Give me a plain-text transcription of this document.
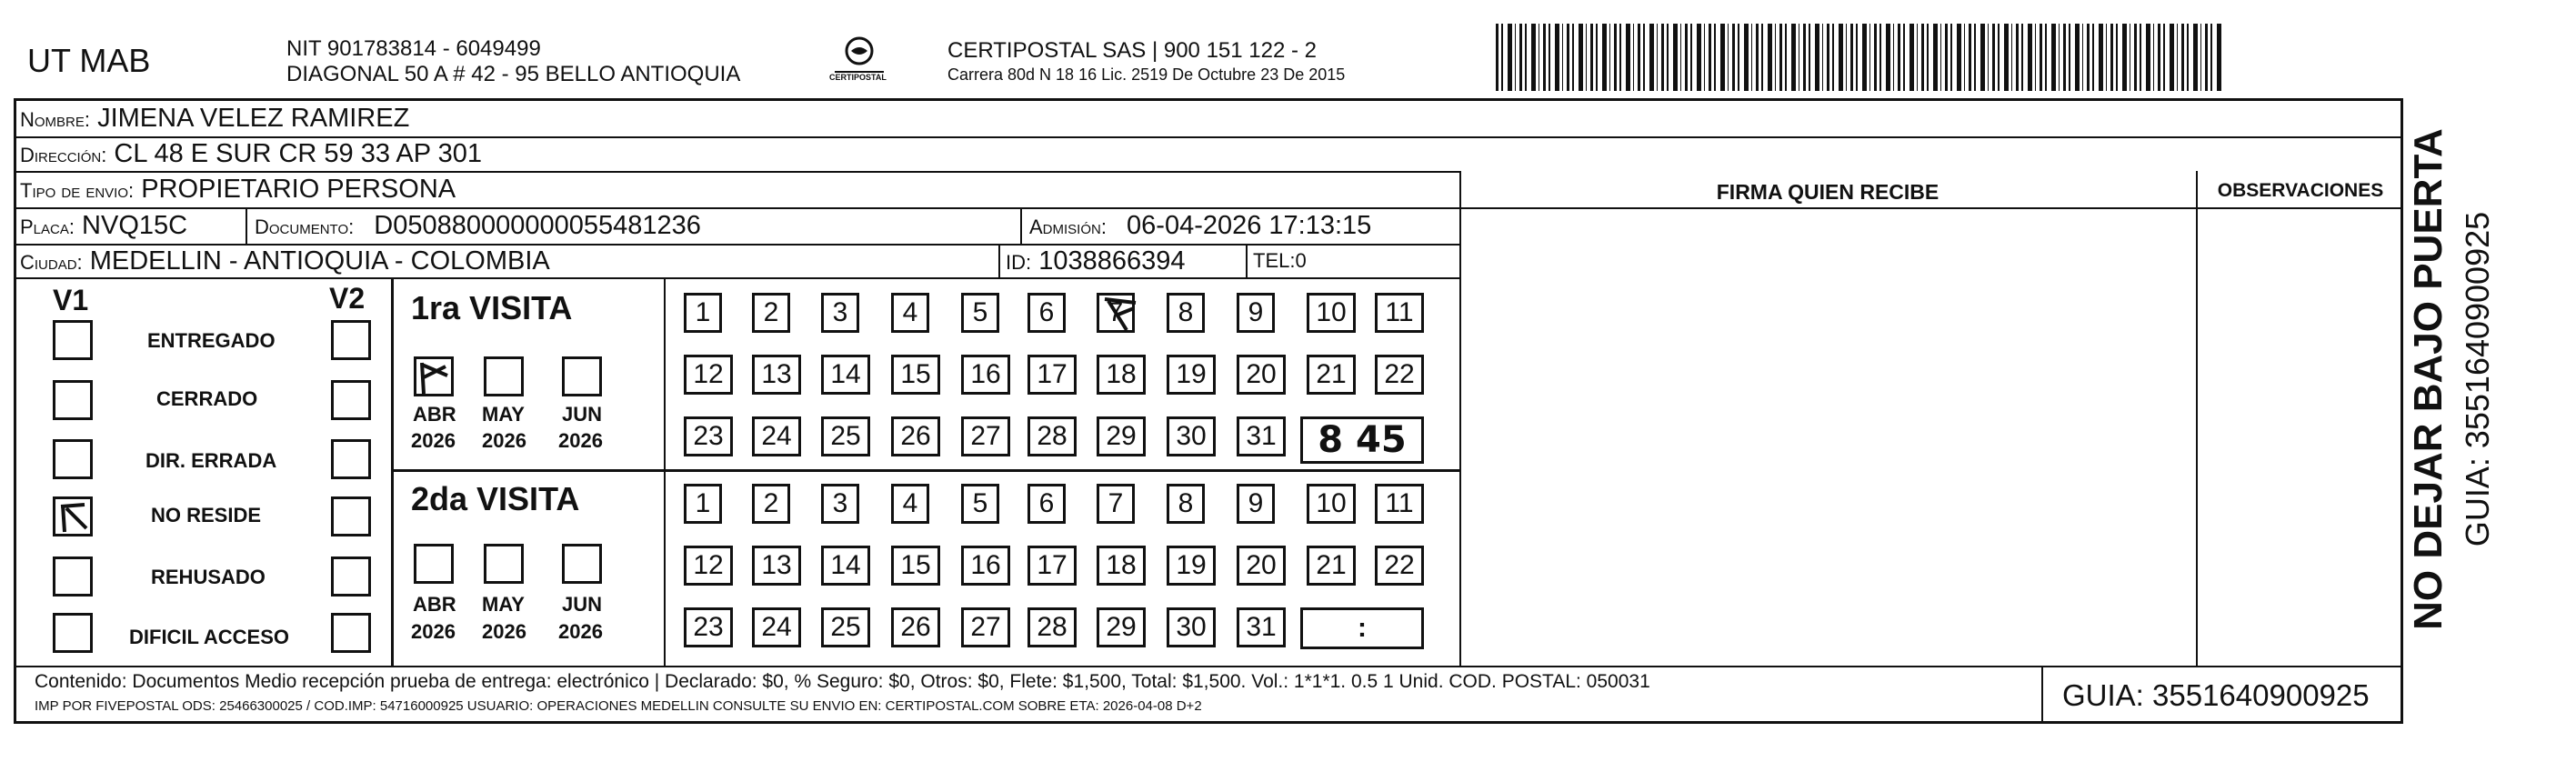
UT MAB	NIT 901783814 - 6049499
DIAGONAL 50 A # 42 - 95 BELLO ANTIOQUIA	CERTIPOSTAL
CERTIPOSTAL SAS | 900 151 122 - 2
Carrera 80d N 18 16 Lic. 2519 De Octubre 23 De 2015
FIRMA QUIEN RECIBE	OBSERVACIONES
Nombre: JIMENA VELEZ RAMIREZ
Dirección: CL 48 E SUR CR 59 33 AP 301
Tipo de envio: PROPIETARIO PERSONA
Placa: NVQ15C	Documento: D050880000000055481236	Admisión: 06-04-2026 17:13:15
Ciudad: MEDELLIN - ANTIOQUIA - COLOMBIA	ID: 1038866394	TEL:0
V1	V2
ENTREGADO
CERRADO
DIR. ERRADA
NO RESIDE
REHUSADO
DIFICIL ACCESO
1ra VISITA
ABR MAY JUN
2026 2026 2026
1 2 3 4 5 6 7 8 9 10 11
12 13 14 15 16 17 18 19 20 21 22
23 24 25 26 27 28 29 30 31 8 45
2da VISITA
ABR MAY JUN
2026 2026 2026
1 2 3 4 5 6 7 8 9 10 11
12 13 14 15 16 17 18 19 20 21 22
23 24 25 26 27 28 29 30 31	:
Contenido: Documentos Medio recepción prueba de entrega: electrónico | Declarado: $0, % Seguro: $0, Otros: $0, Flete: $1,500, Total: $1,500. Vol.: 1*1*1. 0.5 1 Unid. COD. POSTAL: 050031
IMP POR FIVEPOSTAL ODS: 25466300025 / COD.IMP: 54716000925 USUARIO: OPERACIONES MEDELLIN CONSULTE SU ENVIO EN: CERTIPOSTAL.COM SOBRE ETA: 2026-04-08 D+2	GUIA: 3551640900925
NO DEJAR BAJO PUERTA GUIA: 3551640900925
